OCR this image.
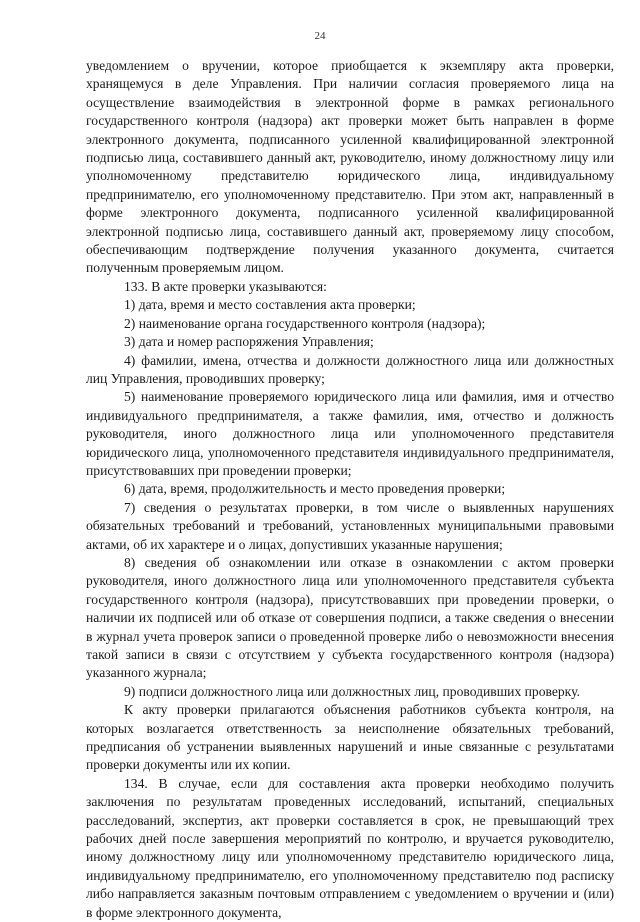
24

уведомлением о вручении, которое приобщается к экземпляру акта проверки, хранящемуся в деле Управления. При наличии согласия проверяемого лица на осуществление взаимодействия в электронной форме в рамках регионального государственного контроля (надзора) акт проверки может быть направлен в форме электронного документа, подписанного усиленной квалифицированной электронной подписью лица, составившего данный акт, руководителю, иному должностному лицу или уполномоченному представителю юридического лица, индивидуальному предпринимателю, его уполномоченному представителю. При этом акт, направленный в форме электронного документа, подписанного усиленной квалифицированной электронной подписью лица, составившего данный акт, проверяемому лицу способом, обеспечивающим подтверждение получения указанного документа, считается полученным проверяемым лицом.

133. В акте проверки указываются:

1) дата, время и место составления акта проверки;

2) наименование органа государственного контроля (надзора);

3) дата и номер распоряжения Управления;

4) фамилии, имена, отчества и должности должностного лица или должностных лиц Управления, проводивших проверку;

5) наименование проверяемого юридического лица или фамилия, имя и отчество индивидуального предпринимателя, а также фамилия, имя, отчество и должность руководителя, иного должностного лица или уполномоченного представителя юридического лица, уполномоченного представителя индивидуального предпринимателя, присутствовавших при проведении проверки;

6) дата, время, продолжительность и место проведения проверки;

7) сведения о результатах проверки, в том числе о выявленных нарушениях обязательных требований и требований, установленных муниципальными правовыми актами, об их характере и о лицах, допустивших указанные нарушения;

8) сведения об ознакомлении или отказе в ознакомлении с актом проверки руководителя, иного должностного лица или уполномоченного представителя субъекта государственного контроля (надзора), присутствовавших при проведении проверки, о наличии их подписей или об отказе от совершения подписи, а также сведения о внесении в журнал учета проверок записи о проведенной проверке либо о невозможности внесения такой записи в связи с отсутствием у субъекта государственного контроля (надзора) указанного журнала;

9) подписи должностного лица или должностных лиц, проводивших проверку.

К акту проверки прилагаются объяснения работников субъекта контроля, на которых возлагается ответственность за неисполнение обязательных требований, предписания об устранении выявленных нарушений и иные связанные с результатами проверки документы или их копии.

134. В случае, если для составления акта проверки необходимо получить заключения по результатам проведенных исследований, испытаний, специальных расследований, экспертиз, акт проверки составляется в срок, не превышающий трех рабочих дней после завершения мероприятий по контролю, и вручается руководителю, иному должностному лицу или уполномоченному представителю юридического лица, индивидуальному предпринимателю, его уполномоченному представителю под расписку либо направляется заказным почтовым отправлением с уведомлением о вручении и (или) в форме электронного документа,
